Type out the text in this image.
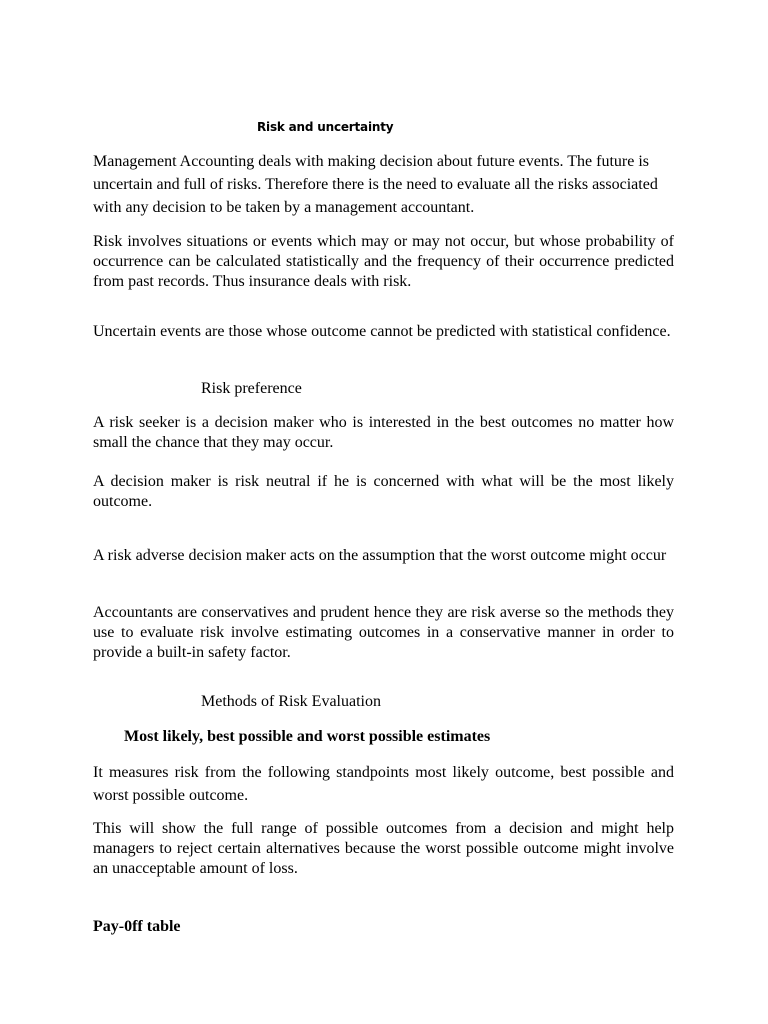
Risk and uncertainty

Management Accounting deals with making decision about future events. The future is uncertain and full of risks. Therefore there is the need to evaluate all the risks associated with any decision to be taken by a management accountant.

Risk involves situations or events which may or may not occur, but whose probability of occurrence can be calculated statistically and the frequency of their occurrence predicted from past records. Thus insurance deals with risk.

Uncertain events are those whose outcome cannot be predicted with statistical confidence.

Risk preference

A risk seeker is a decision maker who is interested in the best outcomes no matter how small the chance that they may occur.

A decision maker is risk neutral if he is concerned with what will be the most likely outcome.

A risk adverse decision maker acts on the assumption that the worst outcome might occur

Accountants are conservatives and prudent hence they are risk averse so the methods they use to evaluate risk involve estimating outcomes in a conservative manner in order to provide a built-in safety factor.

Methods of Risk Evaluation
Most likely, best possible and worst possible estimates

It measures risk from the following standpoints most likely outcome, best possible and worst possible outcome.

This will show the full range of possible outcomes from a decision and might help managers to reject certain alternatives because the worst possible outcome might involve an unacceptable amount of loss.

Pay-0ff table
